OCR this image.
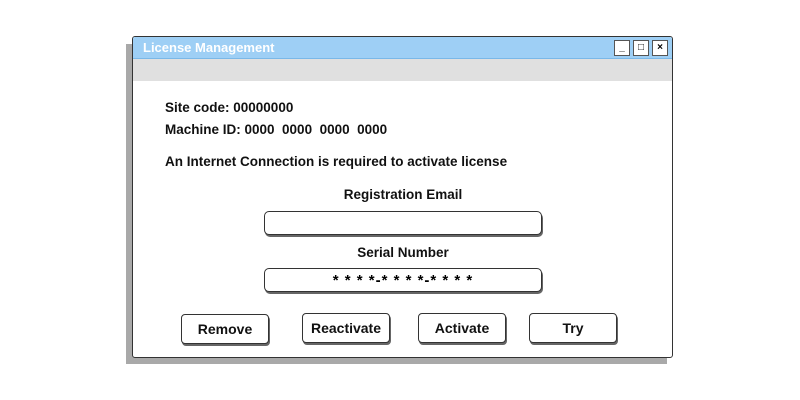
License Management	_	□	×
Site code: 00000000
Machine ID: 0000  0000  0000  0000
An Internet Connection is required to activate license
Registration Email
Serial Number
* * * *-* * * *-* * * *
Remove	Reactivate	Activate	Try
